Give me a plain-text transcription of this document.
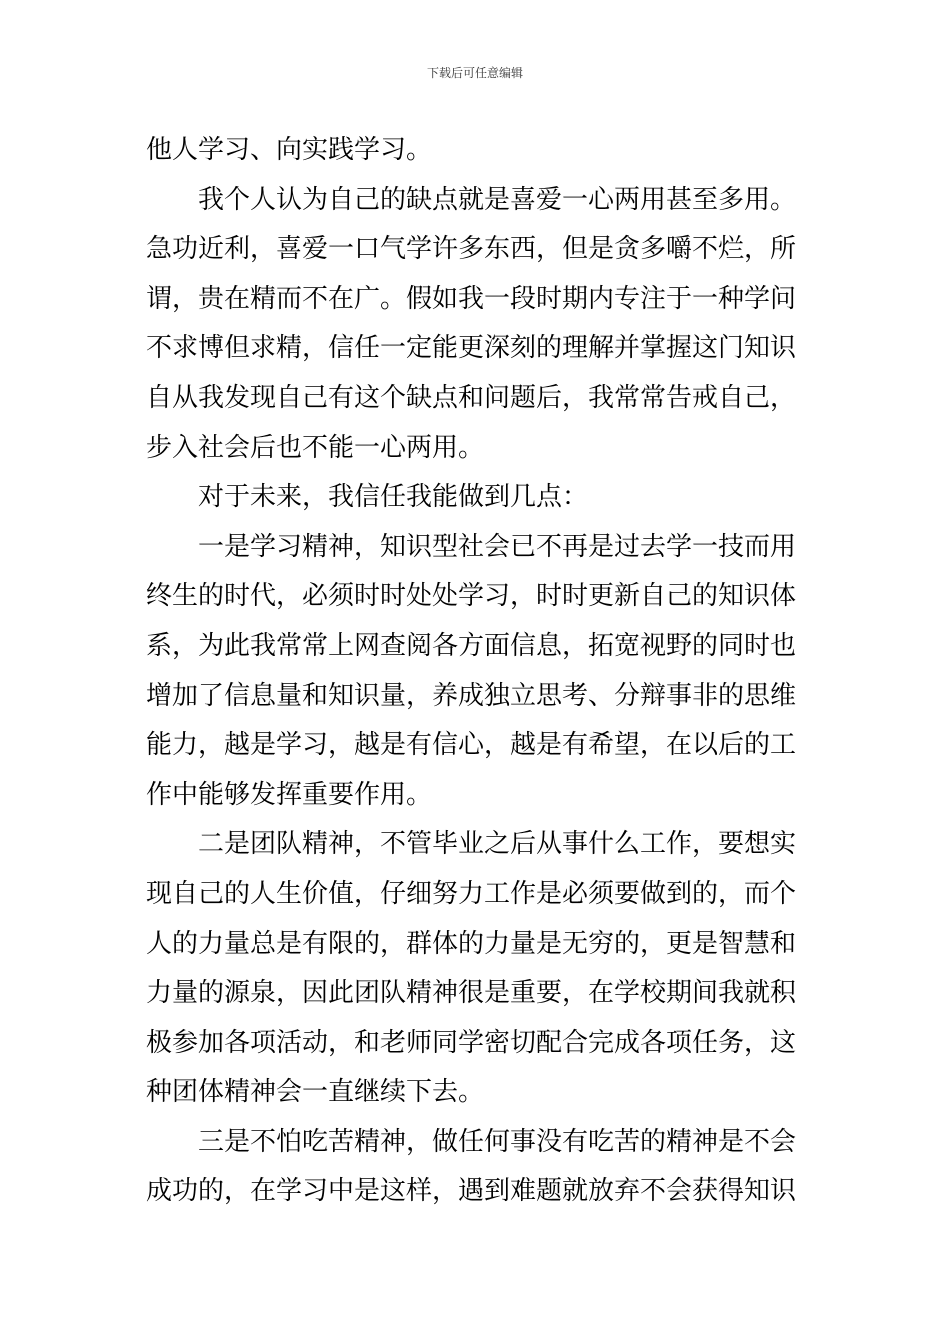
下载后可任意编辑
他人学习、向实践学习。
我个人认为自己的缺点就是喜爱一心两用甚至多用。
急功近利，喜爱一口气学许多东西，但是贪多嚼不烂，所
谓，贵在精而不在广。假如我一段时期内专注于一种学问
不求博但求精，信任一定能更深刻的理解并掌握这门知识
自从我发现自己有这个缺点和问题后，我常常告戒自己，
步入社会后也不能一心两用。
对于未来，我信任我能做到几点：
一是学习精神，知识型社会已不再是过去学一技而用
终生的时代，必须时时处处学习，时时更新自己的知识体
系，为此我常常上网查阅各方面信息，拓宽视野的同时也
增加了信息量和知识量，养成独立思考、分辩事非的思维
能力，越是学习，越是有信心，越是有希望，在以后的工
作中能够发挥重要作用。
二是团队精神，不管毕业之后从事什么工作，要想实
现自己的人生价值，仔细努力工作是必须要做到的，而个
人的力量总是有限的，群体的力量是无穷的，更是智慧和
力量的源泉，因此团队精神很是重要，在学校期间我就积
极参加各项活动，和老师同学密切配合完成各项任务，这
种团体精神会一直继续下去。
三是不怕吃苦精神，做任何事没有吃苦的精神是不会
成功的，在学习中是这样，遇到难题就放弃不会获得知识
